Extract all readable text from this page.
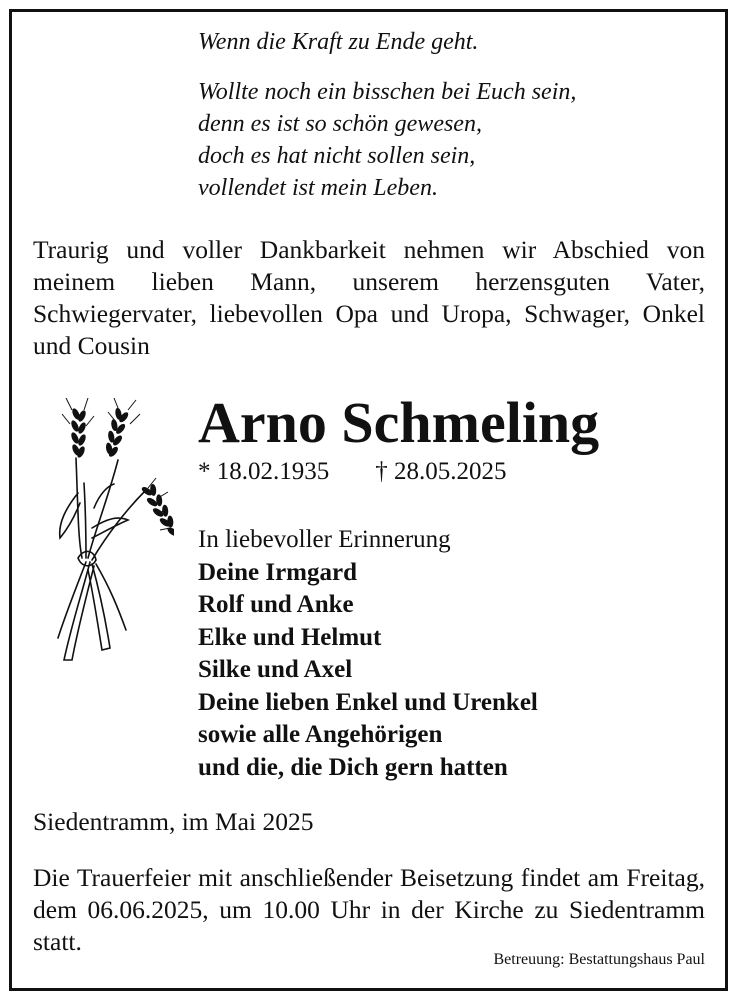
Wenn die Kraft zu Ende geht.
Wollte noch ein bisschen bei Euch sein,
denn es ist so schön gewesen,
doch es hat nicht sollen sein,
vollendet ist mein Leben.
Traurig und voller Dankbarkeit nehmen wir Abschied von meinem lieben Mann, unserem herzensguten Vater, Schwiegervater, liebevollen Opa und Uropa, Schwager, Onkel und Cousin
Arno Schmeling
* 18.02.1935 † 28.05.2025
In liebevoller Erinnerung
Deine Irmgard
Rolf und Anke
Elke und Helmut
Silke und Axel
Deine lieben Enkel und Urenkel
sowie alle Angehörigen
und die, die Dich gern hatten
Siedentramm, im Mai 2025
Die Trauerfeier mit anschließender Beisetzung findet am Freitag, dem 06.06.2025, um 10.00 Uhr in der Kirche zu Siedentramm statt.
Betreuung: Bestattungshaus Paul
